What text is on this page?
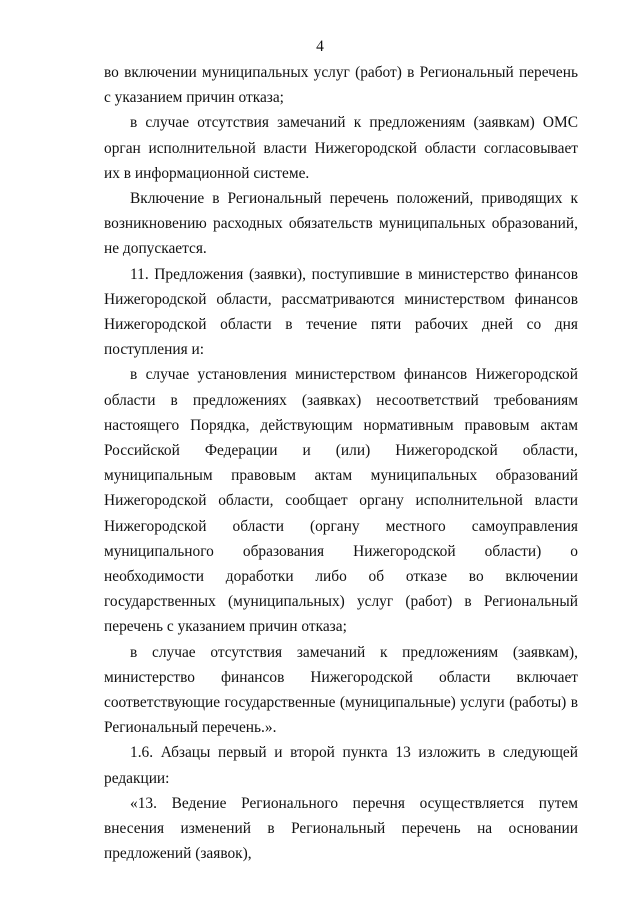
4

во включении муниципальных услуг (работ) в Региональный перечень с указанием причин отказа;

в случае отсутствия замечаний к предложениям (заявкам) ОМС орган исполнительной власти Нижегородской области согласовывает их в информационной системе.

Включение в Региональный перечень положений, приводящих к возникновению расходных обязательств муниципальных образований, не допускается.

11. Предложения (заявки), поступившие в министерство финансов Нижегородской области, рассматриваются министерством финансов Нижегородской области в течение пяти рабочих дней со дня поступления и:

в случае установления министерством финансов Нижегородской области в предложениях (заявках) несоответствий требованиям настоящего Порядка, действующим нормативным правовым актам Российской Федерации и (или) Нижегородской области, муниципальным правовым актам муниципальных образований Нижегородской области, сообщает органу исполнительной власти Нижегородской области (органу местного самоуправления муниципального образования Нижегородской области) о необходимости доработки либо об отказе во включении государственных (муниципальных) услуг (работ) в Региональный перечень с указанием причин отказа;

в случае отсутствия замечаний к предложениям (заявкам), министерство финансов Нижегородской области включает соответствующие государственные (муниципальные) услуги (работы) в Региональный перечень.».

1.6. Абзацы первый и второй пункта 13 изложить в следующей редакции:

«13. Ведение Регионального перечня осуществляется путем внесения изменений в Региональный перечень на основании предложений (заявок),
